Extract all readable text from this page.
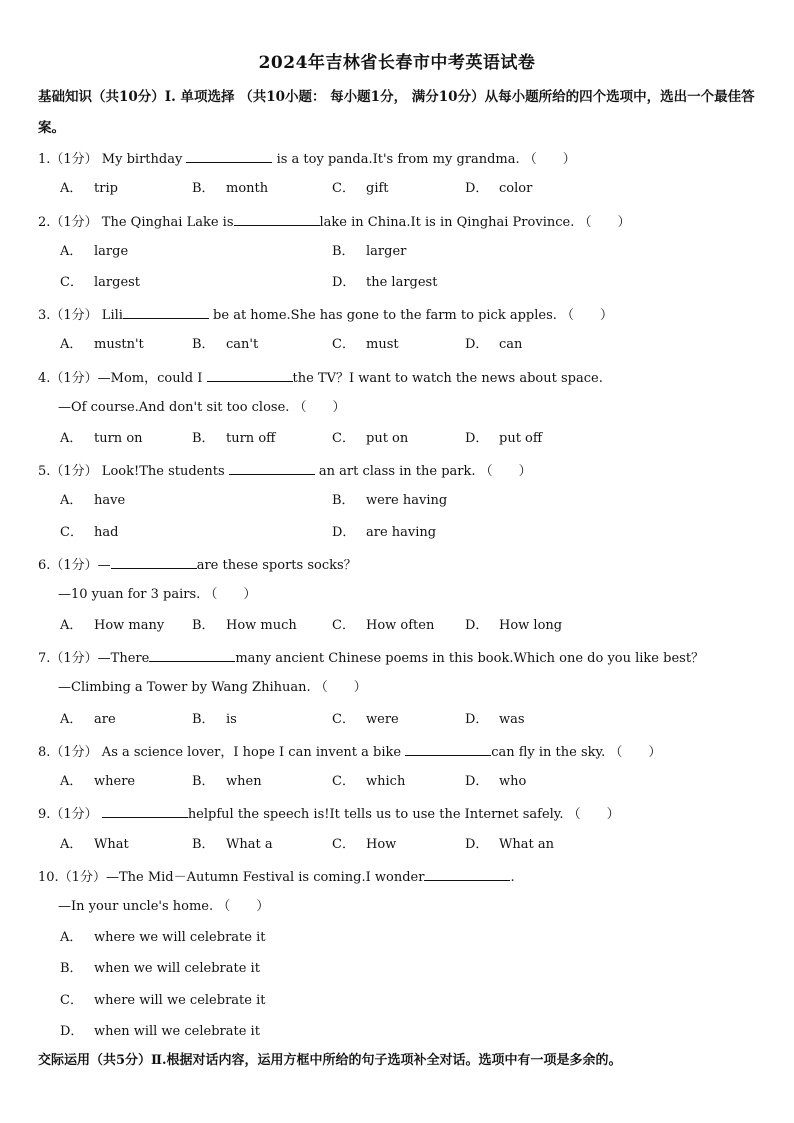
2024年吉林省长春市中考英语试卷
基础知识（共10分）Ⅰ. 单项选择 （共10小题： 每小题1分， 满分10分）从每小题所给的四个选项中，选出一个最佳答案。
1.（1分） My birthday	is a toy panda.It's from my grandma. （　　）
A． trip	B． month	C． gift	D． color
2.（1分） The Qinghai Lake is	lake in China.It is in Qinghai Province. （　　）
A． large	B． larger
C． largest	D． the largest
3.（1分） Lili	be at home.She has gone to the farm to pick apples. （　　）
A． mustn't	B． can't	C． must	D． can
4.（1分）—Mom，could I	the TV？I want to watch the news about space.
—Of course.And don't sit too close. （　　）
A． turn on	B． turn off	C． put on	D． put off
5.（1分） Look!The students	an art class in the park. （　　）
A． have	B． were having
C． had	D． are having
6.（1分）—	are these sports socks？
—10 yuan for 3 pairs. （　　）
A． How many B． How much	C． How often D． How long
7.（1分）—There	many ancient Chinese poems in this book.Which one do you like best？
—Climbing a Tower by Wang Zhihuan. （　　）
A． are	B． is	C． were	D． was
8.（1分） As a science lover，I hope I can invent a bike	can fly in the sky. （　　）
A． where	B． when	C． which	D． who
9.（1分）	helpful the speech is!It tells us to use the Internet safely. （　　）
A． What	B． What a	C． How	D． What an
10.（1分）—The Mid－Autumn Festival is coming.I wonder	.
—In your uncle's home. （　　）
A． where we will celebrate it
B． when we will celebrate it
C． where will we celebrate it
D． when will we celebrate it
交际运用（共5分）Ⅱ.根据对话内容，运用方框中所给的句子选项补全对话。选项中有一项是多余的。
